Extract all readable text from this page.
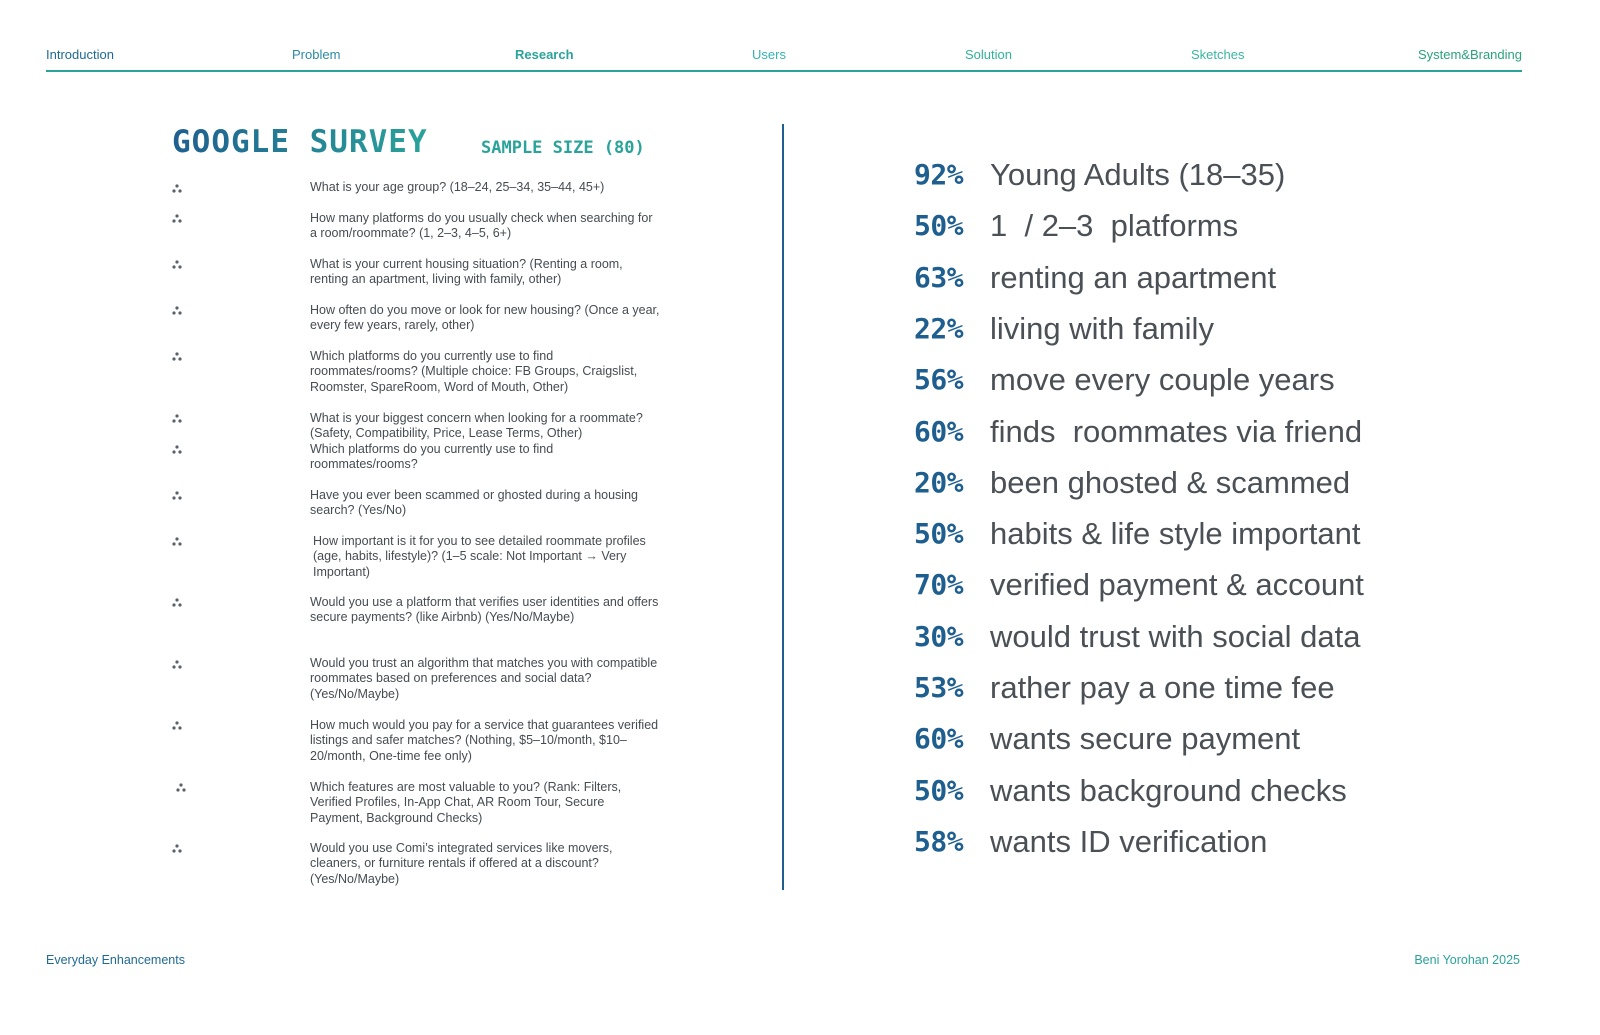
Introduction	Problem	Research	Users	Solution	Sketches	System&Branding
GOOGLE SURVEY	SAMPLE SIZE (80)
What is your age group? (18–24, 25–34, 35–44, 45+)
How many platforms do you usually check when searching for a room/roommate? (1, 2–3, 4–5, 6+)
What is your current housing situation? (Renting a room, renting an apartment, living with family, other)
How often do you move or look for new housing? (Once a year, every few years, rarely, other)
Which platforms do you currently use to find roommates/rooms? (Multiple choice: FB Groups, Craigslist, Roomster, SpareRoom, Word of Mouth, Other)
What is your biggest concern when looking for a roommate? (Safety, Compatibility, Price, Lease Terms, Other)
Which platforms do you currently use to find roommates/rooms?
Have you ever been scammed or ghosted during a housing search? (Yes/No)
How important is it for you to see detailed roommate profiles (age, habits, lifestyle)? (1–5 scale: Not Important → Very Important)
Would you use a platform that verifies user identities and offers secure payments? (like Airbnb) (Yes/No/Maybe)
Would you trust an algorithm that matches you with compatible roommates based on preferences and social data? (Yes/No/Maybe)
How much would you pay for a service that guarantees verified listings and safer matches? (Nothing, $5–10/month, $10–20/month, One-time fee only)
Which features are most valuable to you? (Rank: Filters, Verified Profiles, In-App Chat, AR Room Tour, Secure Payment, Background Checks)
Would you use Comi’s integrated services like movers, cleaners, or furniture rentals if offered at a discount? (Yes/No/Maybe)
92% Young Adults (18–35)
50% 1  / 2–3  platforms
63% renting an apartment
22% living with family
56% move every couple years
60% finds  roommates via friend
20% been ghosted & scammed
50% habits & life style important
70% verified payment & account
30% would trust with social data
53% rather pay a one time fee
60% wants secure payment
50% wants background checks
58% wants ID verification
Everyday Enhancements	Beni Yorohan 2025
